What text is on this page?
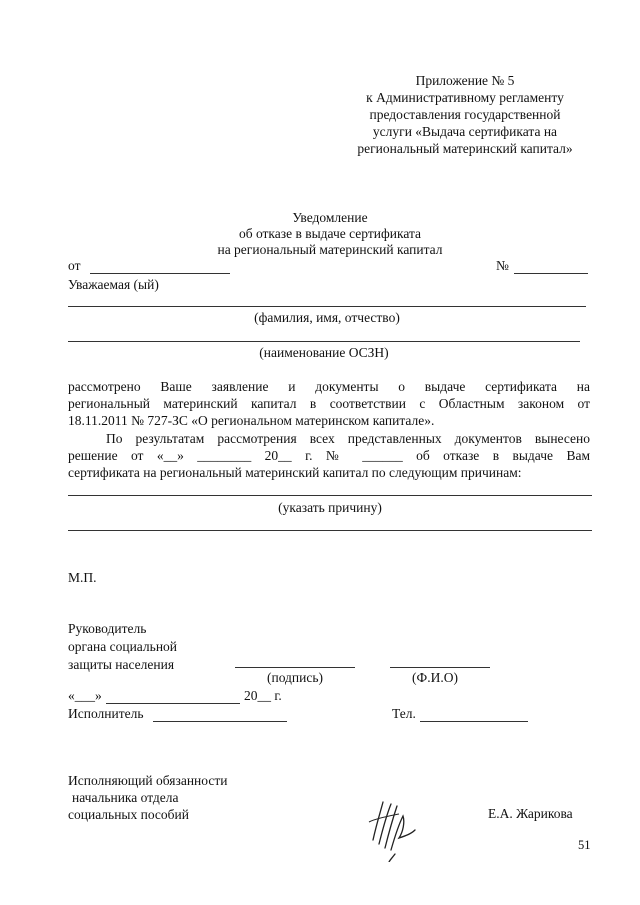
Приложение № 5
к Административному регламенту
предоставления государственной
услуги «Выдача сертификата на
региональный материнский капитал»
Уведомление
об отказе в выдаче сертификата
на региональный материнский капитал
от	№
Уважаемая (ый)
(фамилия, имя, отчество)
(наименование ОСЗН)
рассмотрено Ваше заявление и документы о выдаче сертификата на
региональный материнский капитал в соответствии с Областным законом от
18.11.2011 № 727-ЗС «О региональном материнском капитале».
По результатам рассмотрения всех представленных документов вынесено
решение от «__» ________ 20__ г. № ______ об отказе в выдаче Вам
сертификата на региональный материнский капитал по следующим причинам:
(указать причину)
М.П.
Руководитель
органа социальной
защиты населения
(подпись)	(Ф.И.О)
«___»	20__ г.
Исполнитель	Тел.
Исполняющий обязанности
начальника отдела
социальных пособий	Е.А. Жарикова
51
